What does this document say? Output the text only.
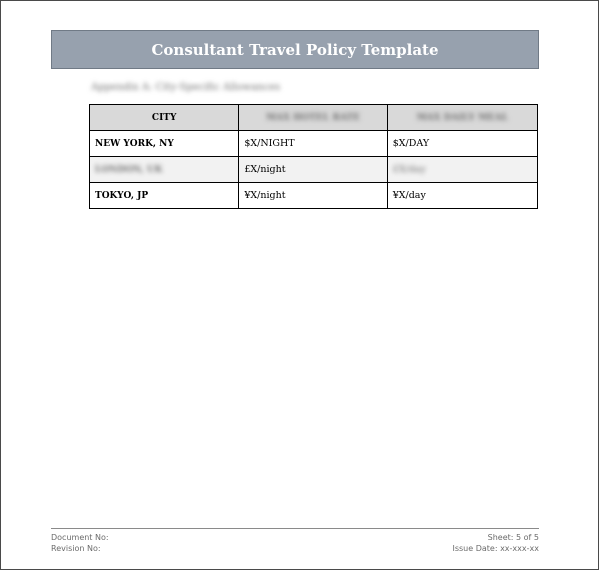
Consultant Travel Policy Template
Appendix A: City-Specific Allowances
CITY	MAX HOTEL RATE	MAX DAILY MEAL
NEW YORK, NY	$X/NIGHT	$X/DAY
LONDON, UK	£X/night	£X/day
TOKYO, JP	¥X/night	¥X/day
Document No:	Sheet: 5 of 5
Revision No:	Issue Date: xx-xxx-xx
